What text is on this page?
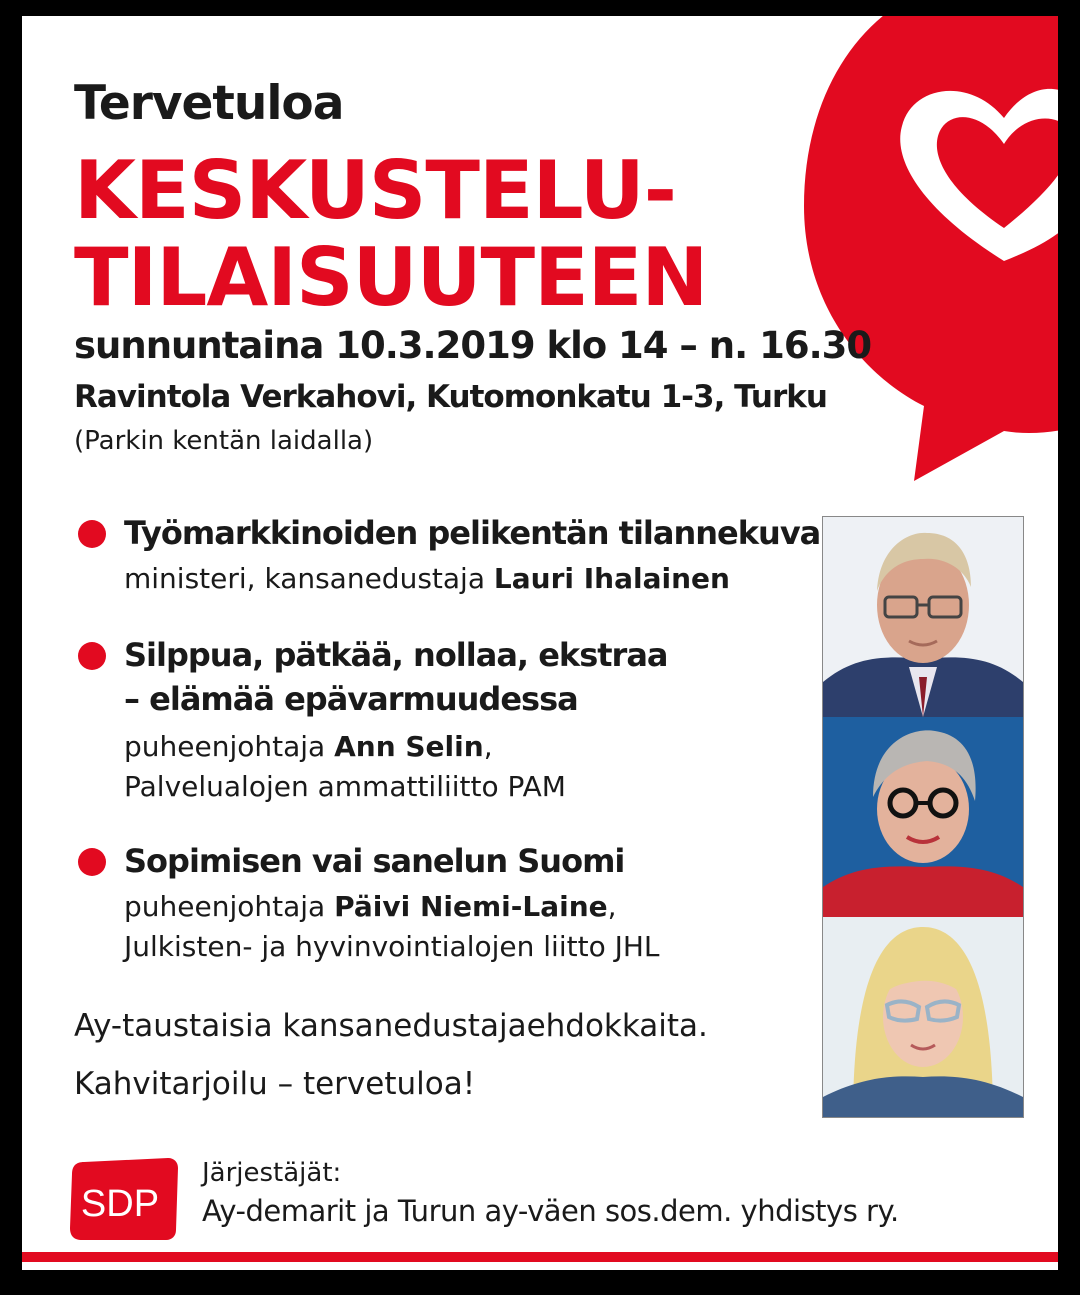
Tervetuloa
KESKUSTELU-
TILAISUUTEEN
sunnuntaina 10.3.2019 klo 14 – n. 16.30
Ravintola Verkahovi, Kutomonkatu 1-3, Turku
(Parkin kentän laidalla)
Työmarkkinoiden pelikentän tilannekuva
ministeri, kansanedustaja Lauri Ihalainen
Silppua, pätkää, nollaa, ekstraa
– elämää epävarmuudessa
puheenjohtaja Ann Selin,
Palvelualojen ammattiliitto PAM
Sopimisen vai sanelun Suomi
puheenjohtaja Päivi Niemi-Laine,
Julkisten- ja hyvinvointialojen liitto JHL
Ay-taustaisia kansanedustajaehdokkaita.
Kahvitarjoilu – tervetuloa!
SDP
Järjestäjät:
Ay-demarit ja Turun ay-väen sos.dem. yhdistys ry.
